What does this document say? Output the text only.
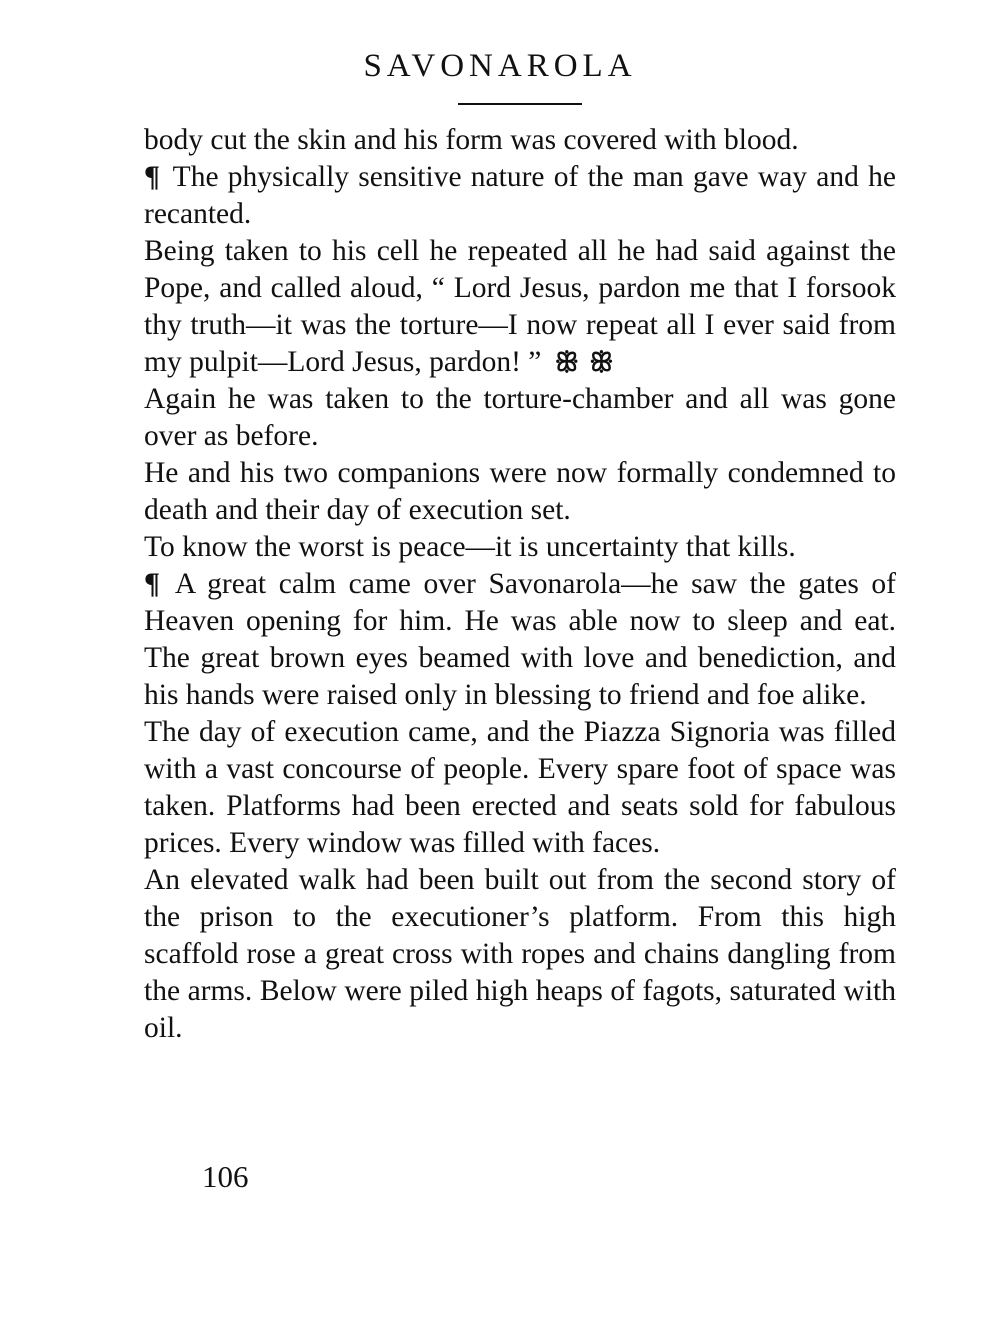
SAVONAROLA

body cut the skin and his form was covered with blood.

¶ The physically sensitive nature of the man gave way and he recanted.

Being taken to his cell he repeated all he had said against the Pope, and called aloud, “ Lord Jesus, pardon me that I forsook thy truth—it was the torture—I now repeat all I ever said from my pulpit—Lord Jesus, pardon! ” ꕥ ꕥ

Again he was taken to the torture-chamber and all was gone over as before.

He and his two companions were now formally condemned to death and their day of execution set.

To know the worst is peace—it is uncertainty that kills.

¶ A great calm came over Savonarola—he saw the gates of Heaven opening for him. He was able now to sleep and eat. The great brown eyes beamed with love and benediction, and his hands were raised only in blessing to friend and foe alike.

The day of execution came, and the Piazza Signoria was filled with a vast concourse of people. Every spare foot of space was taken. Platforms had been erected and seats sold for fabulous prices. Every window was filled with faces.

An elevated walk had been built out from the second story of the prison to the executioner’s platform. From this high scaffold rose a great cross with ropes and chains dangling from the arms. Below were piled high heaps of fagots, saturated with oil.

106
